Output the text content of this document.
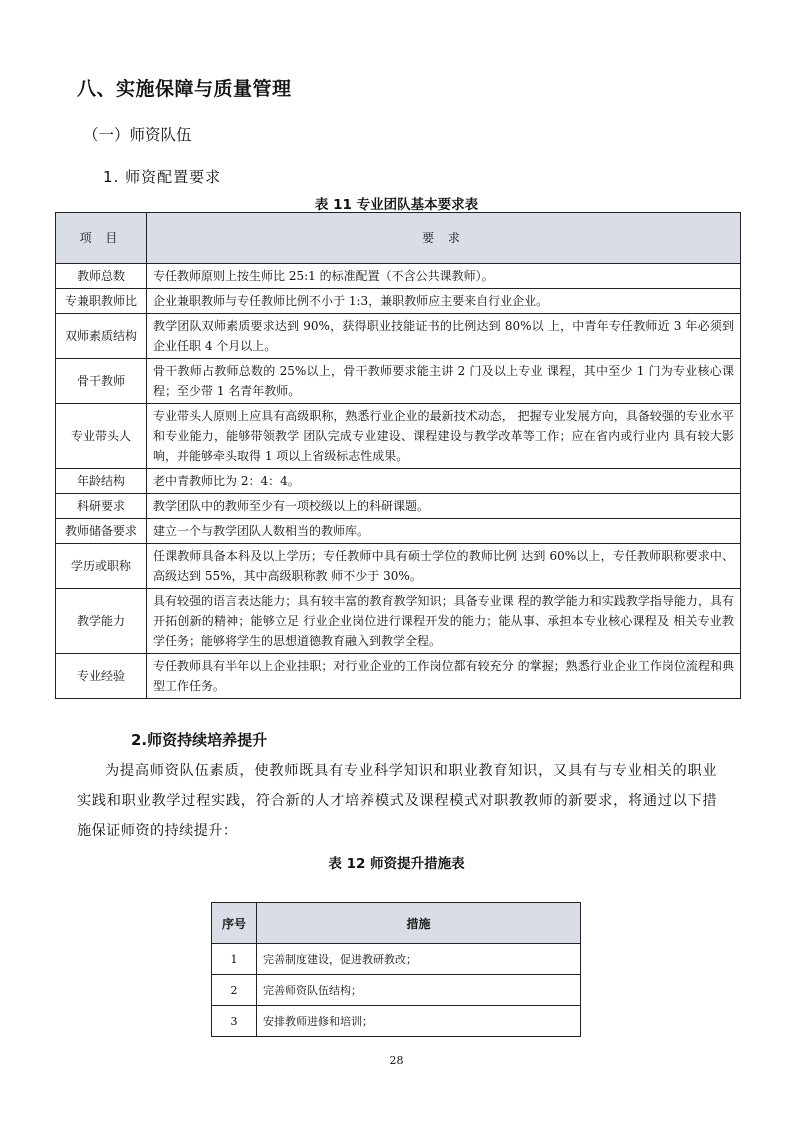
八、实施保障与质量管理
（一）师资队伍
1. 师资配置要求
表 11 专业团队基本要求表
项 目	要 求
教师总数	专任教师原则上按生师比 25:1 的标准配置（不含公共课教师）。
专兼职教师比	企业兼职教师与专任教师比例不小于 1:3，兼职教师应主要来自行业企业。
双师素质结构	教学团队双师素质要求达到 90%，获得职业技能证书的比例达到 80%以 上，中青年专任教师近 3 年必须到企业任职 4 个月以上。
骨干教师	骨干教师占教师总数的 25%以上，骨干教师要求能主讲 2 门及以上专业 课程，其中至少 1 门为专业核心课程；至少带 1 名青年教师。
专业带头人	专业带头人原则上应具有高级职称，熟悉行业企业的最新技术动态， 把握专业发展方向，具备较强的专业水平和专业能力，能够带领教学 团队完成专业建设、课程建设与教学改革等工作；应在省内或行业内 具有较大影响，并能够牵头取得 1 项以上省级标志性成果。
年龄结构	老中青教师比为 2：4：4。
科研要求	教学团队中的教师至少有一项校级以上的科研课题。
教师储备要求	建立一个与教学团队人数相当的教师库。
学历或职称	任课教师具备本科及以上学历；专任教师中具有硕士学位的教师比例 达到 60%以上，专任教师职称要求中、高级达到 55%，其中高级职称教 师不少于 30%。
教学能力	具有较强的语言表达能力；具有较丰富的教育教学知识；具备专业课 程的教学能力和实践教学指导能力，具有开拓创新的精神；能够立足 行业企业岗位进行课程开发的能力；能从事、承担本专业核心课程及 相关专业教学任务；能够将学生的思想道德教育融入到教学全程。
专业经验	专任教师具有半年以上企业挂职；对行业企业的工作岗位都有较充分 的掌握；熟悉行业企业工作岗位流程和典型工作任务。
2.师资持续培养提升
为提高师资队伍素质，使教师既具有专业科学知识和职业教育知识，又具有与专业相关的职业实践和职业教学过程实践，符合新的人才培养模式及课程模式对职教教师的新要求，将通过以下措施保证师资的持续提升：
表 12 师资提升措施表
序号	措施
1	完善制度建设，促进教研教改；
2	完善师资队伍结构；
3	安排教师进修和培训；
28
